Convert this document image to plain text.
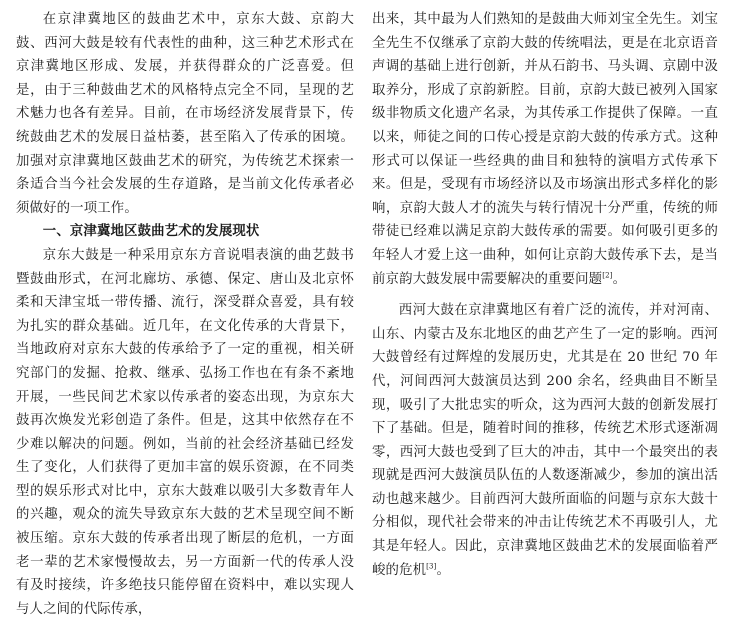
在京津冀地区的鼓曲艺术中，京东大鼓、京韵大鼓、西河大鼓是较有代表性的曲种，这三种艺术形式在京津冀地区形成、发展，并获得群众的广泛喜爱。但是，由于三种鼓曲艺术的风格特点完全不同，呈现的艺术魅力也各有差异。目前，在市场经济发展背景下，传统鼓曲艺术的发展日益枯萎，甚至陷入了传承的困境。加强对京津冀地区鼓曲艺术的研究，为传统艺术探索一条适合当今社会发展的生存道路，是当前文化传承者必须做好的一项工作。

一、京津冀地区鼓曲艺术的发展现状

京东大鼓是一种采用京东方音说唱表演的曲艺鼓书暨鼓曲形式，在河北廊坊、承德、保定、唐山及北京怀柔和天津宝坻一带传播、流行，深受群众喜爱，具有较为扎实的群众基础。近几年，在文化传承的大背景下，当地政府对京东大鼓的传承给予了一定的重视，相关研究部门的发掘、抢救、继承、弘扬工作也在有条不紊地开展，一些民间艺术家以传承者的姿态出现，为京东大鼓再次焕发光彩创造了条件。但是，这其中依然存在不少难以解决的问题。例如，当前的社会经济基础已经发生了变化，人们获得了更加丰富的娱乐资源，在不同类型的娱乐形式对比中，京东大鼓难以吸引大多数青年人的兴趣，观众的流失导致京东大鼓的艺术呈现空间不断被压缩。京东大鼓的传承者出现了断层的危机，一方面老一辈的艺术家慢慢故去，另一方面新一代的传承人没有及时接续，许多绝技只能停留在资料中，难以实现人与人之间的代际传承，

出来，其中最为人们熟知的是鼓曲大师刘宝全先生。刘宝全先生不仅继承了京韵大鼓的传统唱法，更是在北京语音声调的基础上进行创新，并从石韵书、马头调、京剧中汲取养分，形成了京韵新腔。目前，京韵大鼓已被列入国家级非物质文化遗产名录，为其传承工作提供了保障。一直以来，师徒之间的口传心授是京韵大鼓的传承方式。这种形式可以保证一些经典的曲目和独特的演唱方式传承下来。但是，受现有市场经济以及市场演出形式多样化的影响，京韵大鼓人才的流失与转行情况十分严重，传统的师带徒已经难以满足京韵大鼓传承的需要。如何吸引更多的年轻人才爱上这一曲种，如何让京韵大鼓传承下去，是当前京韵大鼓发展中需要解决的重要问题[2]。

西河大鼓在京津冀地区有着广泛的流传，并对河南、山东、内蒙古及东北地区的曲艺产生了一定的影响。西河大鼓曾经有过辉煌的发展历史，尤其是在 20 世纪 70 年代，河间西河大鼓演员达到 200 余名，经典曲目不断呈现，吸引了大批忠实的听众，这为西河大鼓的创新发展打下了基础。但是，随着时间的推移，传统艺术形式逐渐凋零，西河大鼓也受到了巨大的冲击，其中一个最突出的表现就是西河大鼓演员队伍的人数逐渐减少，参加的演出活动也越来越少。目前西河大鼓所面临的问题与京东大鼓十分相似，现代社会带来的冲击让传统艺术不再吸引人，尤其是年轻人。因此，京津冀地区鼓曲艺术的发展面临着严峻的危机[3]。
